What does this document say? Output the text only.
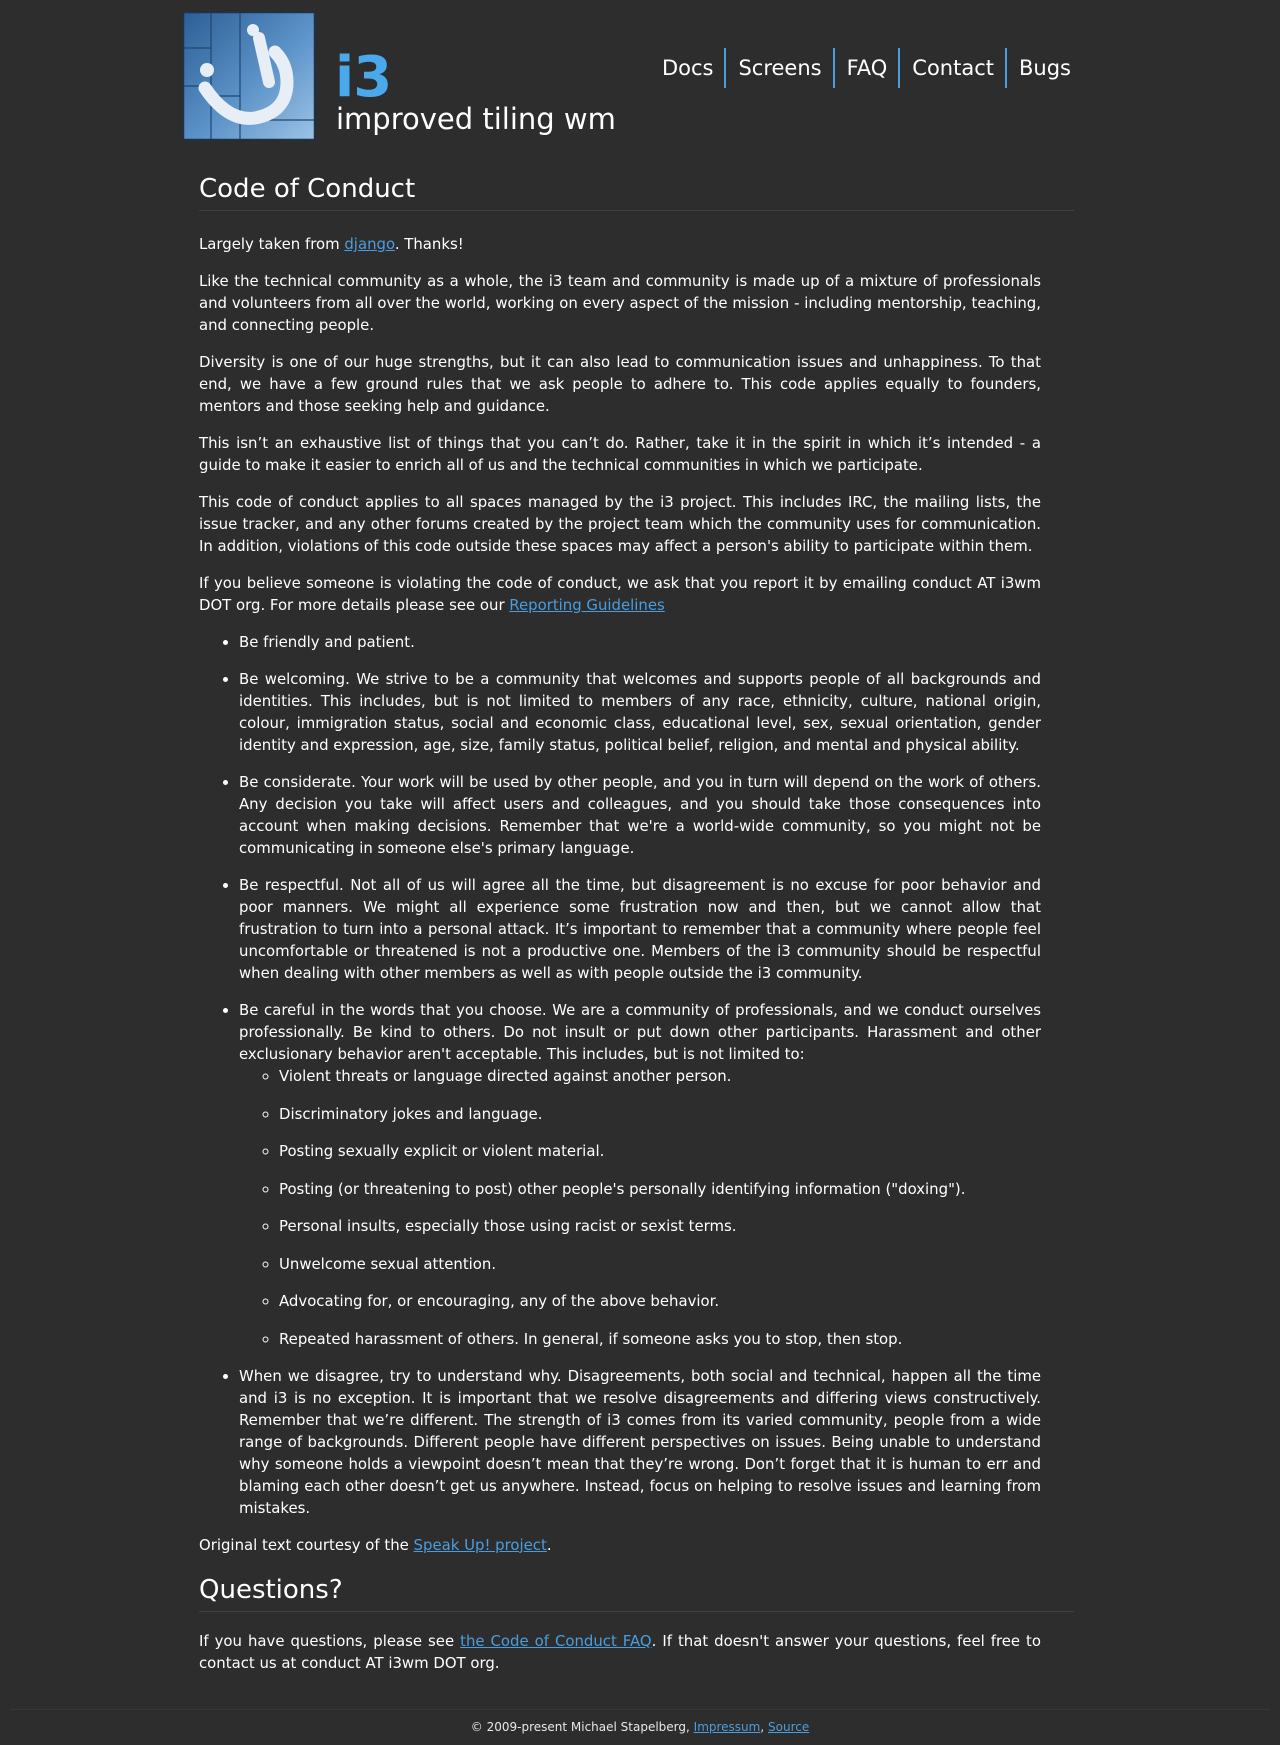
i3
improved tiling wm
Docs	Screens	FAQ	Contact	Bugs
Code of Conduct

Largely taken from django. Thanks!

Like the technical community as a whole, the i3 team and community is made up of a mixture of professionals and volunteers from all over the world, working on every aspect of the mission - including mentorship, teaching, and connecting people.

Diversity is one of our huge strengths, but it can also lead to communication issues and unhappiness. To that end, we have a few ground rules that we ask people to adhere to. This code applies equally to founders, mentors and those seeking help and guidance.

This isn’t an exhaustive list of things that you can’t do. Rather, take it in the spirit in which it’s intended - a guide to make it easier to enrich all of us and the technical communities in which we participate.

This code of conduct applies to all spaces managed by the i3 project. This includes IRC, the mailing lists, the issue tracker, and any other forums created by the project team which the community uses for communication. In addition, violations of this code outside these spaces may affect a person's ability to participate within them.

If you believe someone is violating the code of conduct, we ask that you report it by emailing conduct AT i3wm DOT org. For more details please see our Reporting Guidelines

• Be friendly and patient.
• Be welcoming. We strive to be a community that welcomes and supports people of all backgrounds and identities. This includes, but is not limited to members of any race, ethnicity, culture, national origin, colour, immigration status, social and economic class, educational level, sex, sexual orientation, gender identity and expression, age, size, family status, political belief, religion, and mental and physical ability.
• Be considerate. Your work will be used by other people, and you in turn will depend on the work of others. Any decision you take will affect users and colleagues, and you should take those consequences into account when making decisions. Remember that we're a world-wide community, so you might not be communicating in someone else's primary language.
• Be respectful. Not all of us will agree all the time, but disagreement is no excuse for poor behavior and poor manners. We might all experience some frustration now and then, but we cannot allow that frustration to turn into a personal attack. It’s important to remember that a community where people feel uncomfortable or threatened is not a productive one. Members of the i3 community should be respectful when dealing with other members as well as with people outside the i3 community.
• Be careful in the words that you choose. We are a community of professionals, and we conduct ourselves professionally. Be kind to others. Do not insult or put down other participants. Harassment and other exclusionary behavior aren't acceptable. This includes, but is not limited to:
◦ Violent threats or language directed against another person.
◦ Discriminatory jokes and language.
◦ Posting sexually explicit or violent material.
◦ Posting (or threatening to post) other people's personally identifying information ("doxing").
◦ Personal insults, especially those using racist or sexist terms.
◦ Unwelcome sexual attention.
◦ Advocating for, or encouraging, any of the above behavior.
◦ Repeated harassment of others. In general, if someone asks you to stop, then stop.
• When we disagree, try to understand why. Disagreements, both social and technical, happen all the time and i3 is no exception. It is important that we resolve disagreements and differing views constructively. Remember that we’re different. The strength of i3 comes from its varied community, people from a wide range of backgrounds. Different people have different perspectives on issues. Being unable to understand why someone holds a viewpoint doesn’t mean that they’re wrong. Don’t forget that it is human to err and blaming each other doesn’t get us anywhere. Instead, focus on helping to resolve issues and learning from mistakes.

Original text courtesy of the Speak Up! project.

Questions?

If you have questions, please see the Code of Conduct FAQ. If that doesn't answer your questions, feel free to contact us at conduct AT i3wm DOT org.

© 2009-present Michael Stapelberg, Impressum, Source
